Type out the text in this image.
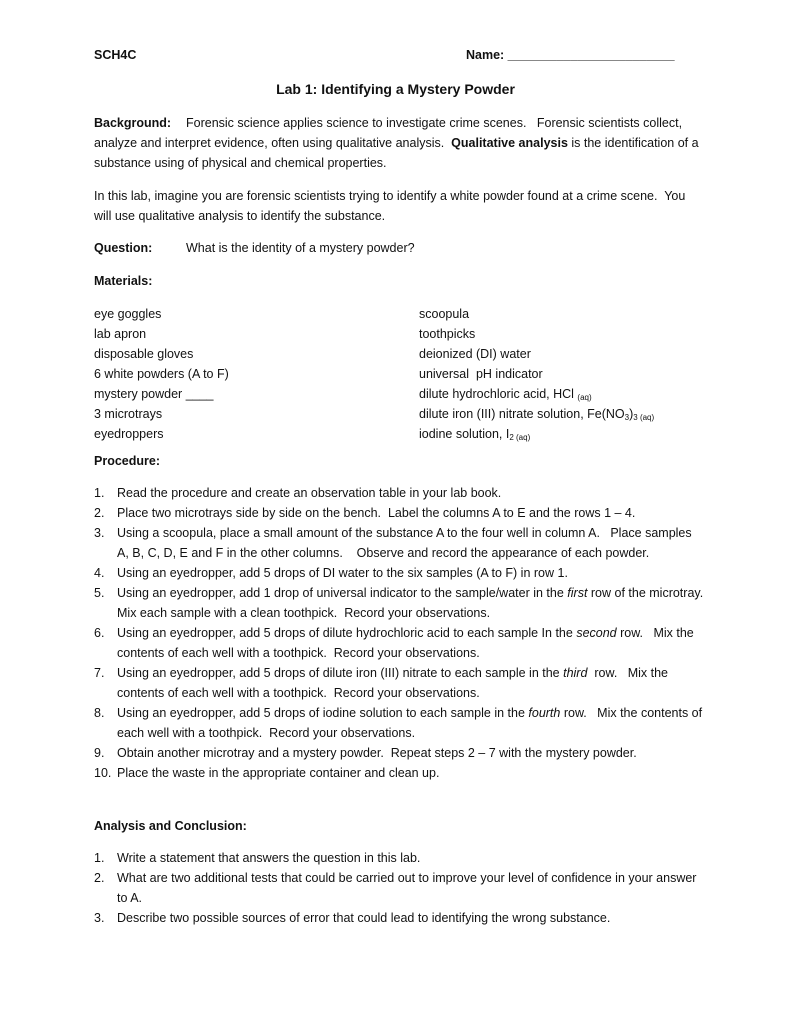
SCH4C	Name: ________________________
Lab 1: Identifying a Mystery Powder

Background: Forensic science applies science to investigate crime scenes.   Forensic scientists collect, analyze and interpret evidence, often using qualitative analysis.  Qualitative analysis is the identification of a substance using of physical and chemical properties.

In this lab, imagine you are forensic scientists trying to identify a white powder found at a crime scene.  You will use qualitative analysis to identify the substance.

Question:	What is the identity of a mystery powder?

Materials:

eye goggles
lab apron
disposable gloves
6 white powders (A to F)
mystery powder ____
3 microtrays
eyedroppers
scoopula
toothpicks
deionized (DI) water
universal  pH indicator
dilute hydrochloric acid, HCl $_{(aq)}$
dilute iron (III) nitrate solution, $Fe(NO_3)_{3 (aq)}$
iodine solution, $I_{2 (aq)}$

Procedure:

1. Read the procedure and create an observation table in your lab book.
2. Place two microtrays side by side on the bench.  Label the columns A to E and the rows 1 – 4.
3. Using a scoopula, place a small amount of the substance A to the four well in column A.   Place samples A, B, C, D, E and F in the other columns.    Observe and record the appearance of each powder.
4. Using an eyedropper, add 5 drops of DI water to the six samples (A to F) in row 1.
5. Using an eyedropper, add 1 drop of universal indicator to the sample/water in the first row of the microtray.   Mix each sample with a clean toothpick.  Record your observations.
6. Using an eyedropper, add 5 drops of dilute hydrochloric acid to each sample In the second row.   Mix the contents of each well with a toothpick.  Record your observations.
7. Using an eyedropper, add 5 drops of dilute iron (III) nitrate to each sample in the third  row.   Mix the contents of each well with a toothpick.  Record your observations.
8. Using an eyedropper, add 5 drops of iodine solution to each sample in the fourth row.   Mix the contents of each well with a toothpick.  Record your observations.
9. Obtain another microtray and a mystery powder.  Repeat steps 2 – 7 with the mystery powder.
10. Place the waste in the appropriate container and clean up.

Analysis and Conclusion:

1. Write a statement that answers the question in this lab.
2. What are two additional tests that could be carried out to improve your level of confidence in your answer to A.
3. Describe two possible sources of error that could lead to identifying the wrong substance.
